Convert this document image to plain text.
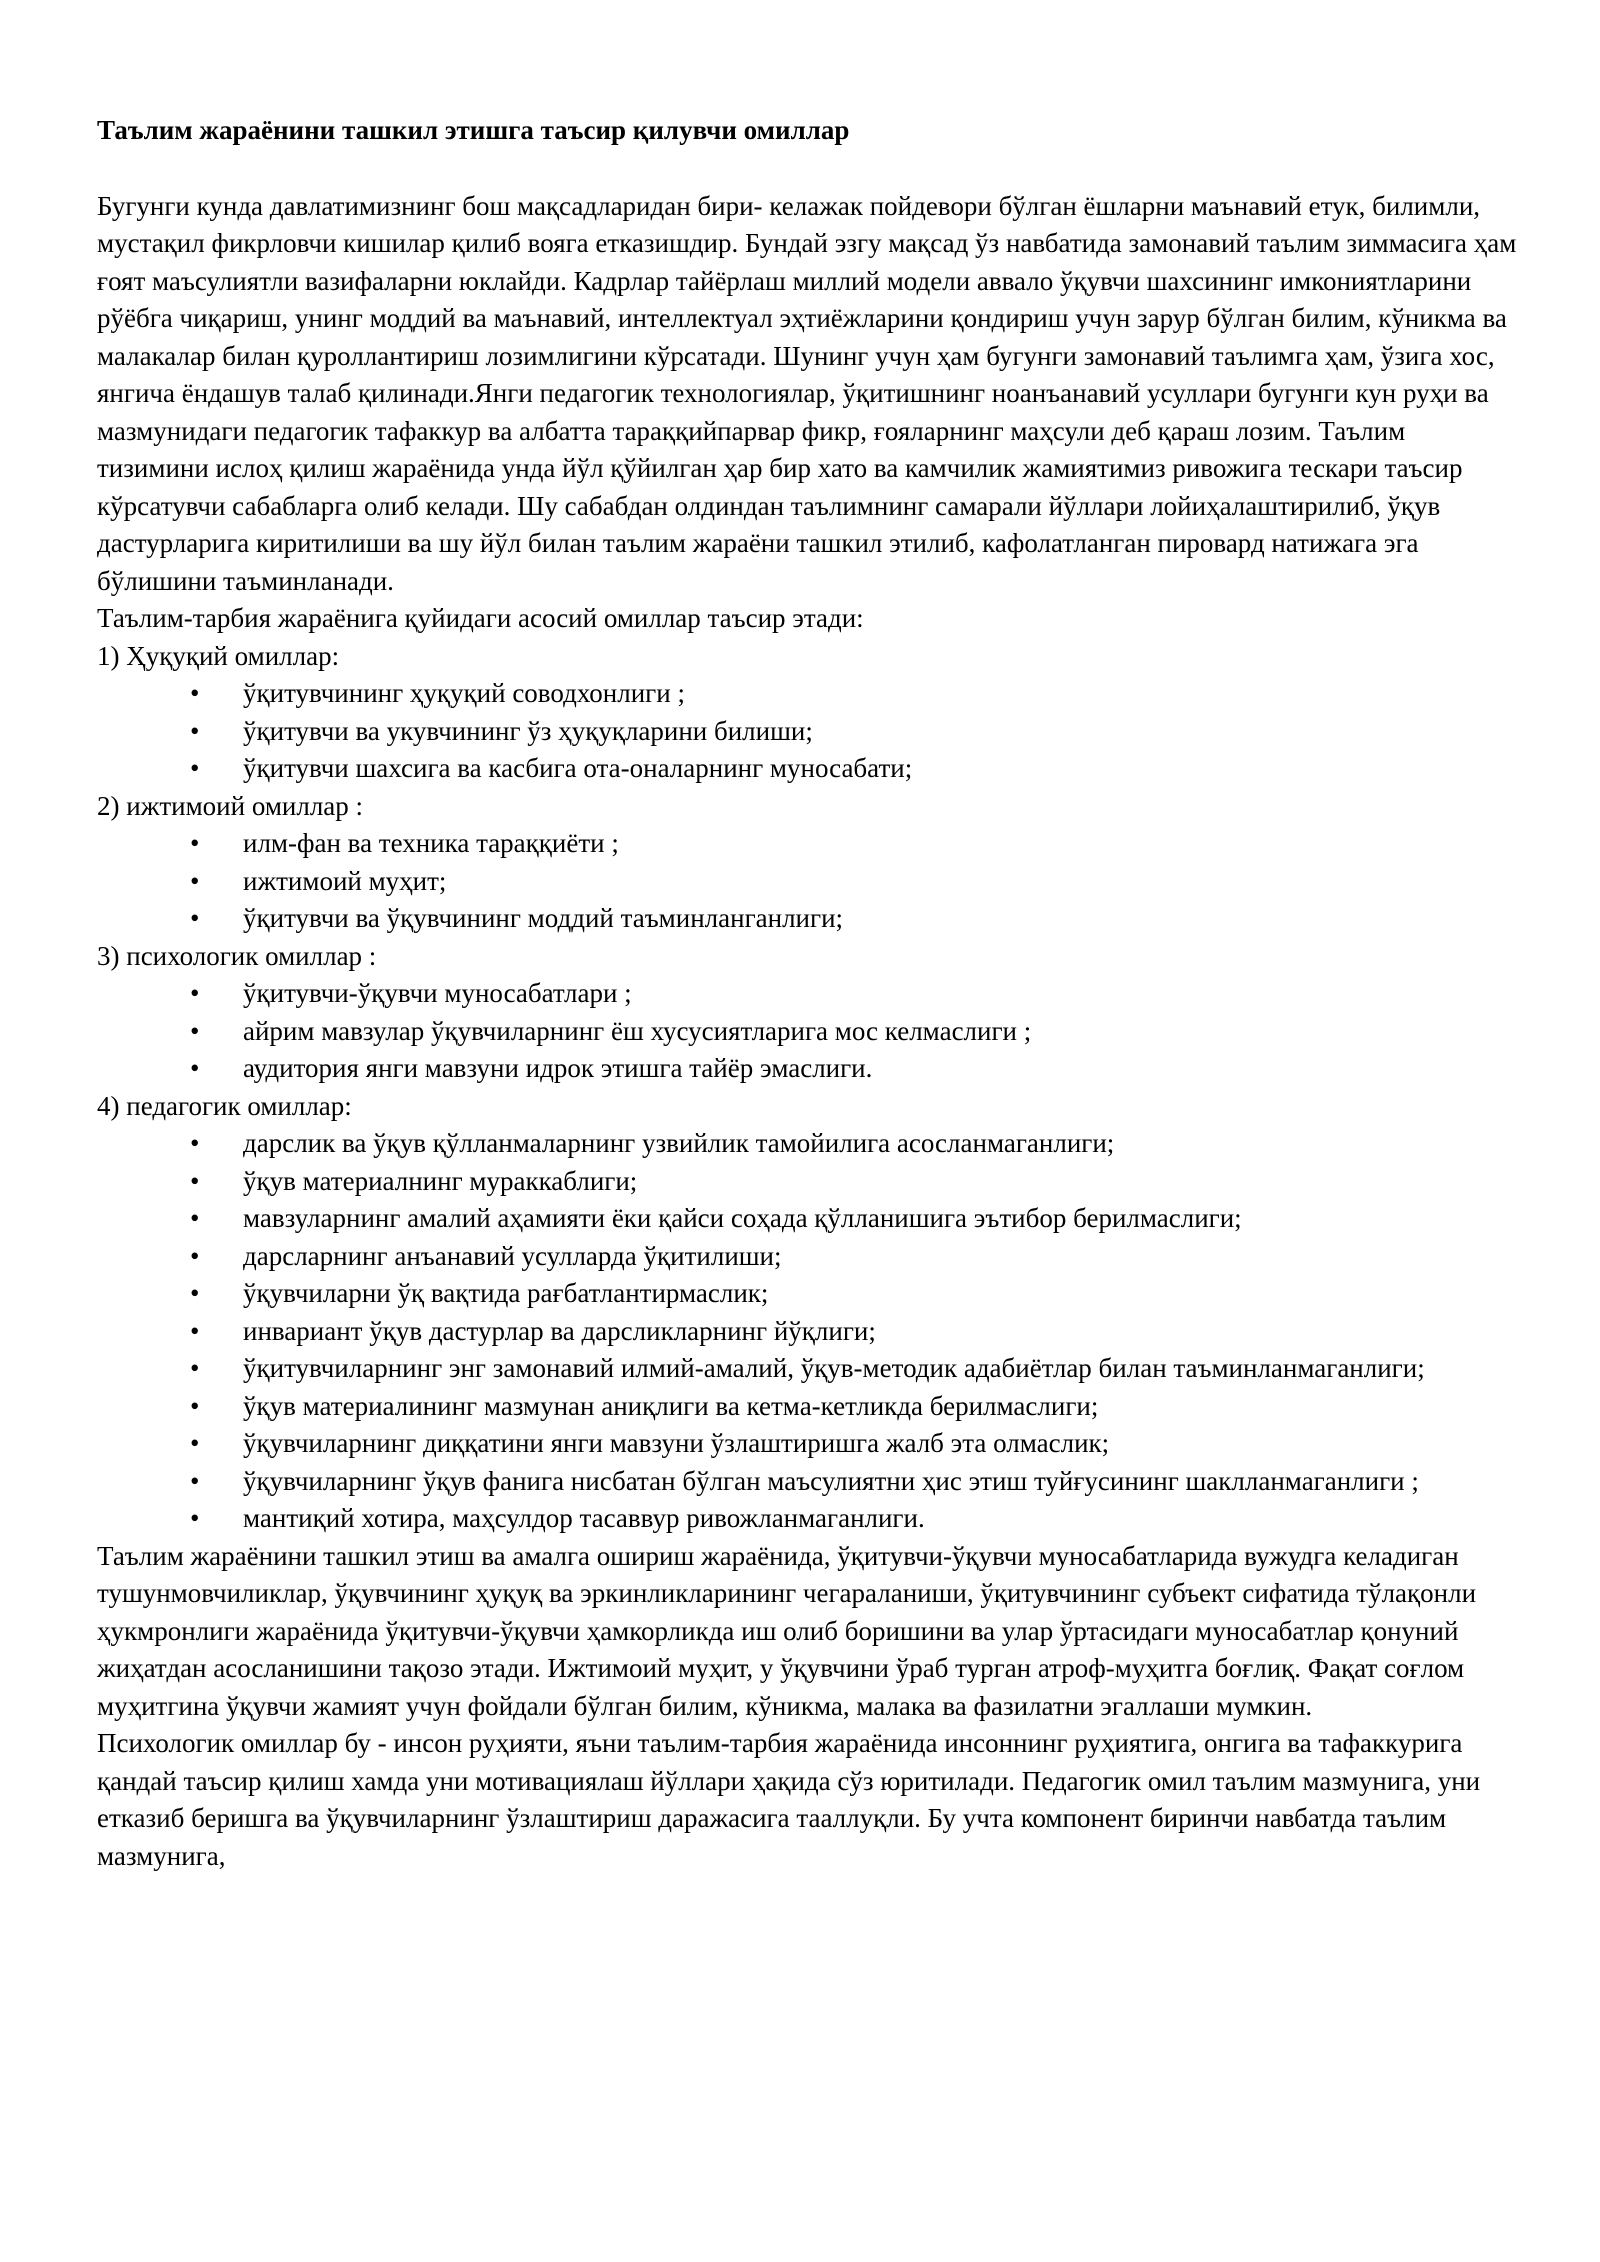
Таълим жараёнини ташкил этишга таъсир қилувчи омиллар

Бугунги кунда давлатимизнинг бош мақсадларидан бири- келажак пойдевори бўлган ёшларни маънавий етук, билимли, мустақил фикрловчи кишилар қилиб вояга етказишдир. Бундай эзгу мақсад ўз навбатида замонавий таълим зиммасига ҳам ғоят маъсулиятли вазифаларни юклайди. Кадрлар тайёрлаш миллий модели аввало ўқувчи шахсининг имкониятларини рўёбга чиқариш, унинг моддий ва маънавий, интеллектуал эҳтиёжларини қондириш учун зарур бўлган билим, кўникма ва малакалар билан қуроллантириш лозимлигини кўрсатади. Шунинг учун ҳам бугунги замонавий таълимга ҳам, ўзига хос, янгича ёндашув талаб қилинади.Янги педагогик технологиялар, ўқитишнинг ноанъанавий усуллари бугунги кун руҳи ва мазмунидаги педагогик тафаккур ва албатта тараққийпарвар фикр, ғояларнинг маҳсули деб қараш лозим. Таълим тизимини ислоҳ қилиш жараёнида унда йўл қўйилган ҳар бир хато ва камчилик жамиятимиз ривожига тескари таъсир кўрсатувчи сабабларга олиб келади. Шу сабабдан олдиндан таълимнинг самарали йўллари лойиҳалаштирилиб, ўқув дастурларига киритилиши ва шу йўл билан таълим жараёни ташкил этилиб, кафолатланган пировард натижага эга бўлишини таъминланади.

Таълим-тарбия жараёнига қуйидаги асосий омиллар таъсир этади:

1) Ҳуқуқий омиллар:

• ўқитувчининг ҳуқуқий соводхонлиги ;
• ўқитувчи ва укувчининг ўз ҳуқуқларини билиши;
• ўқитувчи шахсига ва касбига ота-оналарнинг муносабати;

2) ижтимоий омиллар :

• илм-фан ва техника тараққиёти ;
• ижтимоий муҳит;
• ўқитувчи ва ўқувчининг моддий таъминланганлиги;

3) психологик омиллар :

• ўқитувчи-ўқувчи муносабатлари ;
• айрим мавзулар ўқувчиларнинг ёш хусусиятларига мос келмаслиги ;
• аудитория янги мавзуни идрок этишга тайёр эмаслиги.

4) педагогик омиллар:

• дарслик ва ўқув қўлланмаларнинг узвийлик тамойилига асосланмаганлиги;
• ўқув материалнинг мураккаблиги;
• мавзуларнинг амалий аҳамияти ёки қайси соҳада қўлланишига эътибор берилмаслиги;
• дарсларнинг анъанавий усулларда ўқитилиши;
• ўқувчиларни ўқ вақтида рағбатлантирмаслик;
• инвариант ўқув дастурлар ва дарсликларнинг йўқлиги;
• ўқитувчиларнинг энг замонавий илмий-амалий, ўқув-методик адабиётлар билан таъминланмаганлиги;
• ўқув материалининг мазмунан аниқлиги ва кетма-кетликда берилмаслиги;
• ўқувчиларнинг диққатини янги мавзуни ўзлаштиришга жалб эта олмаслик;
• ўқувчиларнинг ўқув фанига нисбатан бўлган маъсулиятни ҳис этиш туйғусининг шаклланмаганлиги ;
• мантиқий хотира, маҳсулдор тасаввур ривожланмаганлиги.

Таълим жараёнини ташкил этиш ва амалга ошириш жараёнида, ўқитувчи-ўқувчи муносабатларида вужудга келадиган тушунмовчиликлар, ўқувчининг ҳуқуқ ва эркинликларининг чегараланиши, ўқитувчининг субъект сифатида тўлақонли ҳукмронлиги жараёнида ўқитувчи-ўқувчи ҳамкорликда иш олиб боришини ва улар ўртасидаги муносабатлар қонуний жиҳатдан асосланишини тақозо этади. Ижтимоий муҳит, у ўқувчини ўраб турган атроф-муҳитга боғлиқ. Фақат соғлом муҳитгина ўқувчи жамият учун фойдали бўлган билим, кўникма, малака ва фазилатни эгаллаши мумкин.

Психологик омиллар бу - инсон руҳияти, яъни таълим-тарбия жараёнида инсоннинг руҳиятига, онгига ва тафаккурига қандай таъсир қилиш хамда уни мотивациялаш йўллари ҳақида сўз юритилади. Педагогик омил таълим мазмунига, уни етказиб беришга ва ўқувчиларнинг ўзлаштириш даражасига тааллуқли. Бу учта компонент биринчи навбатда таълим мазмунига,
